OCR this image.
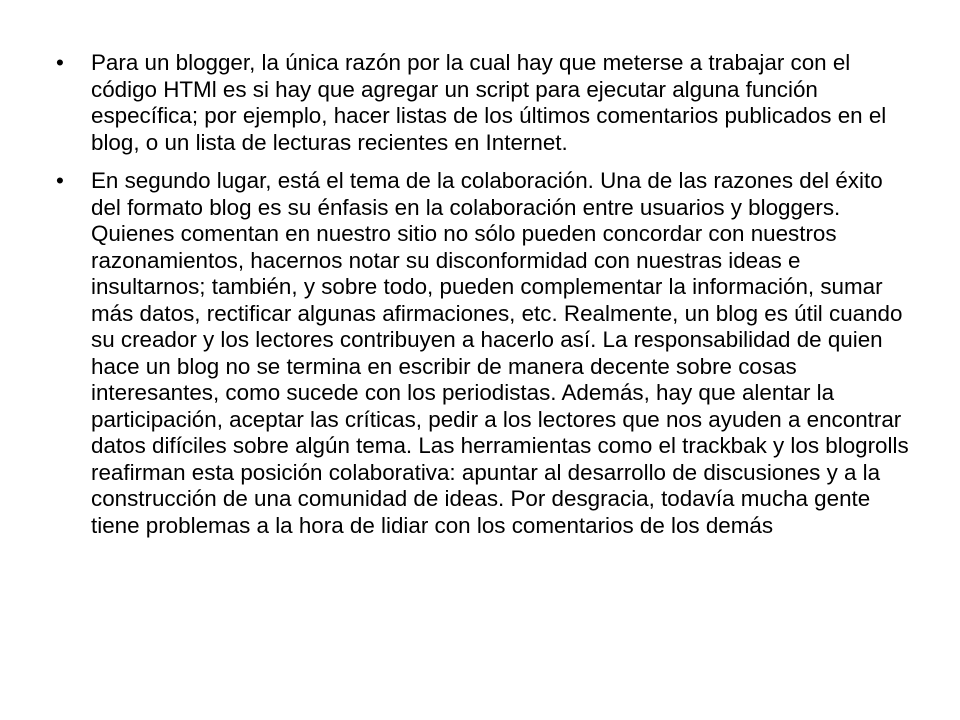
• Para un blogger, la única razón por la cual hay que meterse a trabajar con el código HTMl es si hay que agregar un script para ejecutar alguna función específica; por ejemplo, hacer listas de los últimos comentarios publicados en el blog, o un lista de lecturas recientes en Internet.
• En segundo lugar, está el tema de la colaboración. Una de las razones del éxito del formato blog es su énfasis en la colaboración entre usuarios y bloggers. Quienes comentan en nuestro sitio no sólo pueden concordar con nuestros razonamientos, hacernos notar su disconformidad con nuestras ideas e insultarnos; también, y sobre todo, pueden complementar la información, sumar más datos, rectificar algunas afirmaciones, etc. Realmente, un blog es útil cuando su creador y los lectores contribuyen a hacerlo así. La responsabilidad de quien hace un blog no se termina en escribir de manera decente sobre cosas interesantes, como sucede con los periodistas. Además, hay que alentar la participación, aceptar las críticas, pedir a los lectores que nos ayuden a encontrar datos difíciles sobre algún tema. Las herramientas como el trackbak y los blogrolls reafirman esta posición colaborativa: apuntar al desarrollo de discusiones y a la construcción de una comunidad de ideas. Por desgracia, todavía mucha gente tiene problemas a la hora de lidiar con los comentarios de los demás
